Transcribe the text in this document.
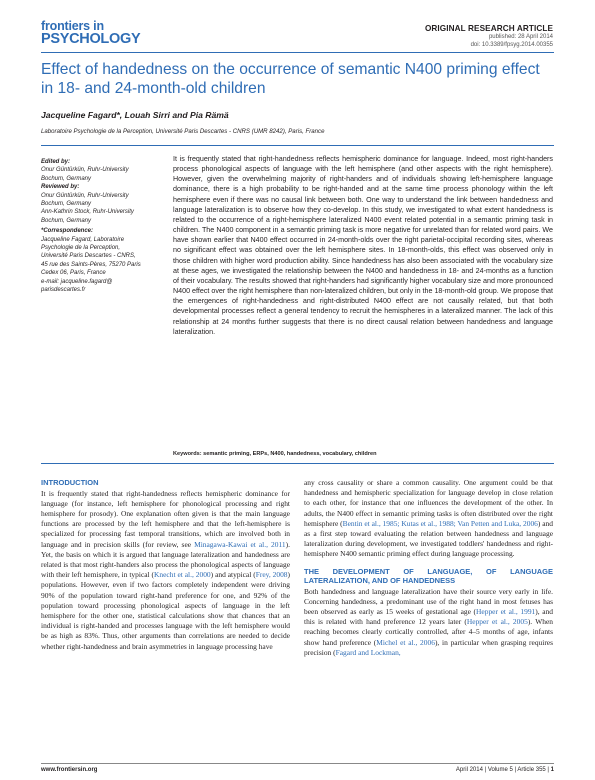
frontiers in
PSYCHOLOGY
ORIGINAL RESEARCH ARTICLE
published: 28 April 2014
doi: 10.3389/fpsyg.2014.00355
Effect of handedness on the occurrence of semantic N400 priming effect in 18- and 24-month-old children
Jacqueline Fagard*, Louah Sirri and Pia Rämä
Laboratoire Psychologie de la Perception, Université Paris Descartes - CNRS (UMR 8242), Paris, France
Edited by:
Onur Güntürkün, Ruhr-University
Bochum, Germany
Reviewed by:
Onur Güntürkün, Ruhr-University
Bochum, Germany
Ann-Kathrin Stock, Ruhr-University
Bochum, Germany
*Correspondence:
Jacqueline Fagard, Laboratoire
Psychologie de la Perception,
Université Paris Descartes - CNRS,
45 rue des Saints-Pères, 75270 Paris
Cedex 06, Paris, France
e-mail: jacqueline.fagard@
parisdescartes.fr
It is frequently stated that right-handedness reflects hemispheric dominance for language. Indeed, most right-handers process phonological aspects of language with the left hemisphere (and other aspects with the right hemisphere). However, given the overwhelming majority of right-handers and of individuals showing left-hemisphere language dominance, there is a high probability to be right-handed and at the same time process phonology within the left hemisphere even if there was no causal link between both. One way to understand the link between handedness and language lateralization is to observe how they co-develop. In this study, we investigated to what extent handedness is related to the occurrence of a right-hemisphere lateralized N400 event related potential in a semantic priming task in children. The N400 component in a semantic priming task is more negative for unrelated than for related word pairs. We have shown earlier that N400 effect occurred in 24-month-olds over the right parietal-occipital recording sites, whereas no significant effect was obtained over the left hemisphere sites. In 18-month-olds, this effect was observed only in those children with higher word production ability. Since handedness has also been associated with the vocabulary size at these ages, we investigated the relationship between the N400 and handedness in 18- and 24-months as a function of their vocabulary. The results showed that right-handers had significantly higher vocabulary size and more pronounced N400 effect over the right hemisphere than non-lateralized children, but only in the 18-month-old group. We propose that the emergences of right-handedness and right-distributed N400 effect are not causally related, but that both developmental processes reflect a general tendency to recruit the hemispheres in a lateralized manner. The lack of this relationship at 24 months further suggests that there is no direct causal relation between handedness and language lateralization.
Keywords: semantic priming, ERPs, N400, handedness, vocabulary, children
INTRODUCTION

It is frequently stated that right-handedness reflects hemispheric dominance for language (for instance, left hemisphere for phonological processing and right hemisphere for prosody). One explanation often given is that the main language functions are processed by the left hemisphere and that the left-hemisphere is specialized for processing fast temporal transitions, which are involved both in language and in precision skills (for review, see Minagawa-Kawai et al., 2011). Yet, the basis on which it is argued that language lateralization and handedness are related is that most right-handers also process the phonological aspects of language with their left hemisphere, in typical (Knecht et al., 2000) and atypical (Frey, 2008) populations. However, even if two factors completely independent were driving 90% of the population toward right-hand preference for one, and 92% of the population toward processing phonological aspects of language in the left hemisphere for the other one, statistical calculations show that chances that an individual is right-handed and processes language with the left hemisphere would be as high as 83%. Thus, other arguments than correlations are needed to decide whether right-handedness and brain asymmetries in language processing have

any cross causality or share a common causality. One argument could be that handedness and hemispheric specialization for language develop in close relation to each other, for instance that one influences the development of the other. In adults, the N400 effect in semantic priming tasks is often distributed over the right hemisphere (Bentin et al., 1985; Kutas et al., 1988; Van Petten and Luka, 2006) and as a first step toward evaluating the relation between handedness and language lateralization during development, we investigated toddlers' handedness and right-hemisphere N400 semantic priming effect during language processing.

THE DEVELOPMENT OF LANGUAGE, OF LANGUAGE LATERALIZATION, AND OF HANDEDNESS

Both handedness and language lateralization have their source very early in life. Concerning handedness, a predominant use of the right hand in most fetuses has been observed as early as 15 weeks of gestational age (Hepper et al., 1991), and this is related with hand preference 12 years later (Hepper et al., 2005). When reaching becomes clearly cortically controlled, after 4–5 months of age, infants show hand preference (Michel et al., 2006), in particular when grasping requires precision (Fagard and Lockman,

www.frontiersin.org	April 2014 | Volume 5 | Article 355 | 1
